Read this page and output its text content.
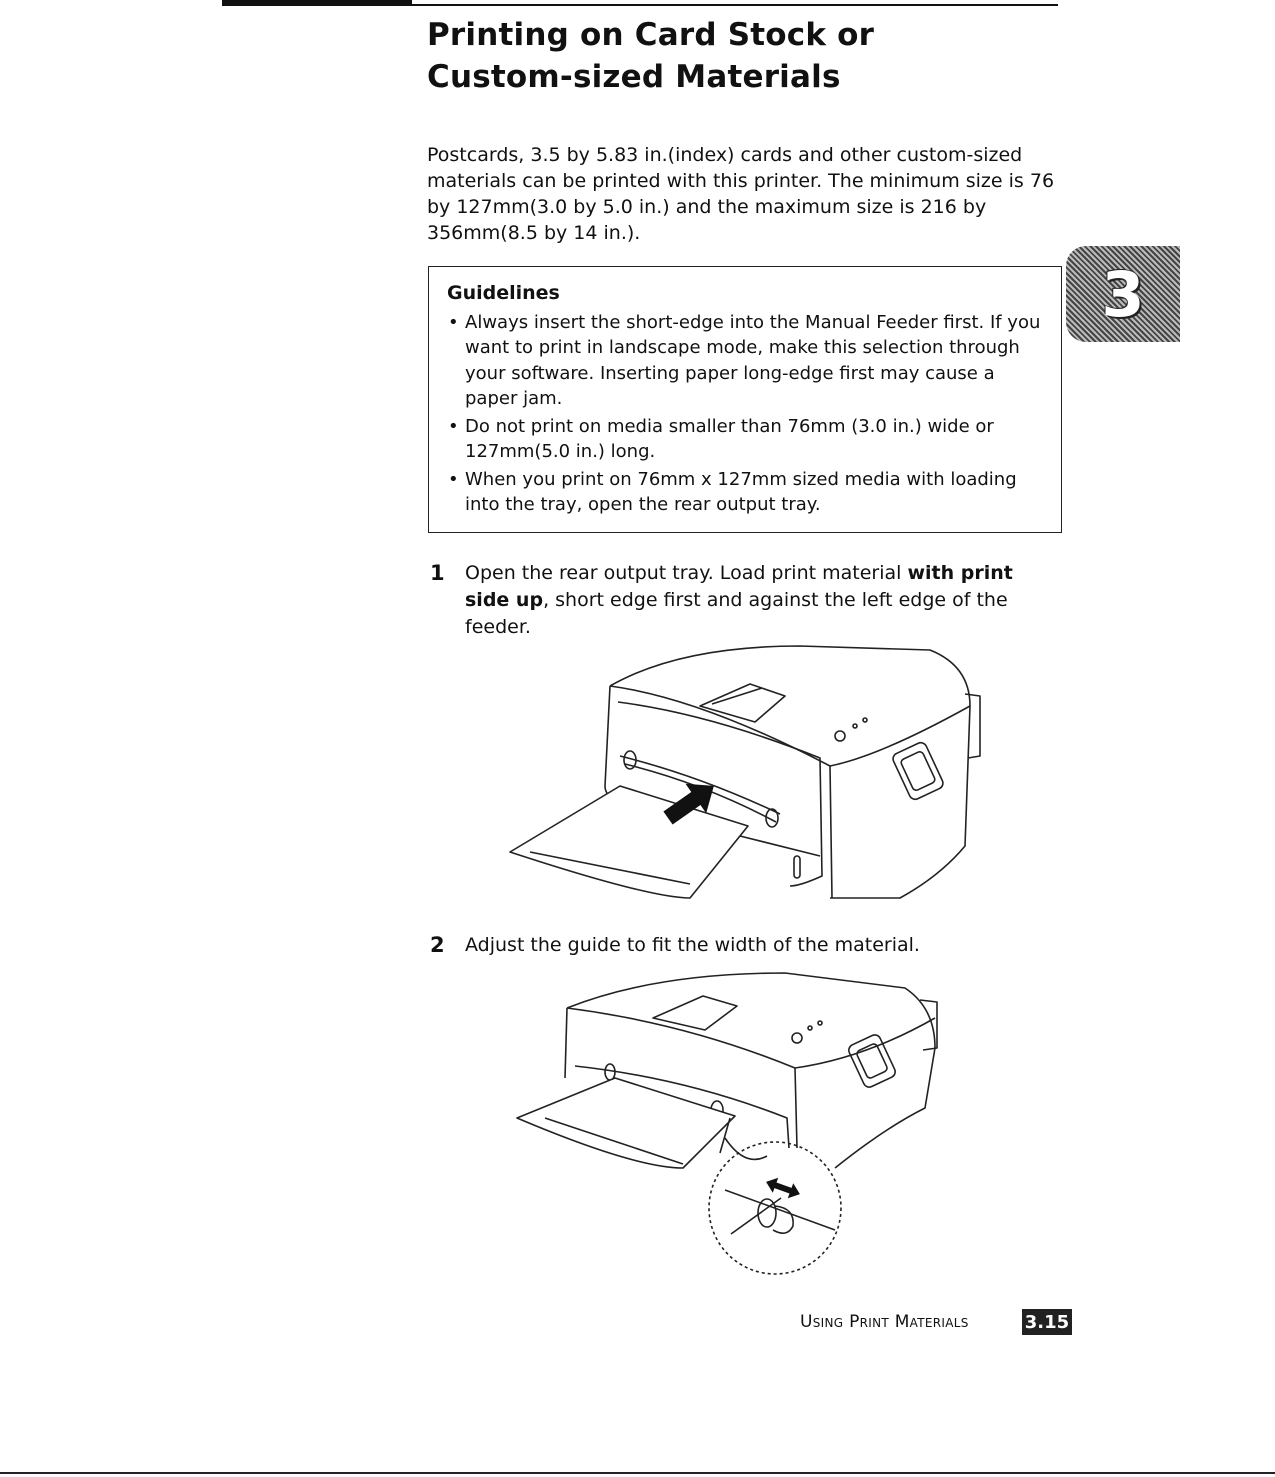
Printing on Card Stock or
Custom-sized Materials
Postcards, 3.5 by 5.83 in.(index) cards and other custom-sized materials can be printed with this printer. The minimum size is 76 by 127mm(3.0 by 5.0 in.) and the maximum size is 216 by 356mm(8.5 by 14 in.).
Guidelines
• Always insert the short-edge into the Manual Feeder first. If you want to print in landscape mode, make this selection through your software. Inserting paper long-edge first may cause a paper jam.
• Do not print on media smaller than 76mm (3.0 in.) wide or 127mm(5.0 in.) long.
• When you print on 76mm x 127mm sized media with loading into the tray, open the rear output tray.
3
1 Open the rear output tray. Load print material with print side up, short edge first and against the left edge of the feeder.
2 Adjust the guide to fit the width of the material.
Using Print Materials	3.15
